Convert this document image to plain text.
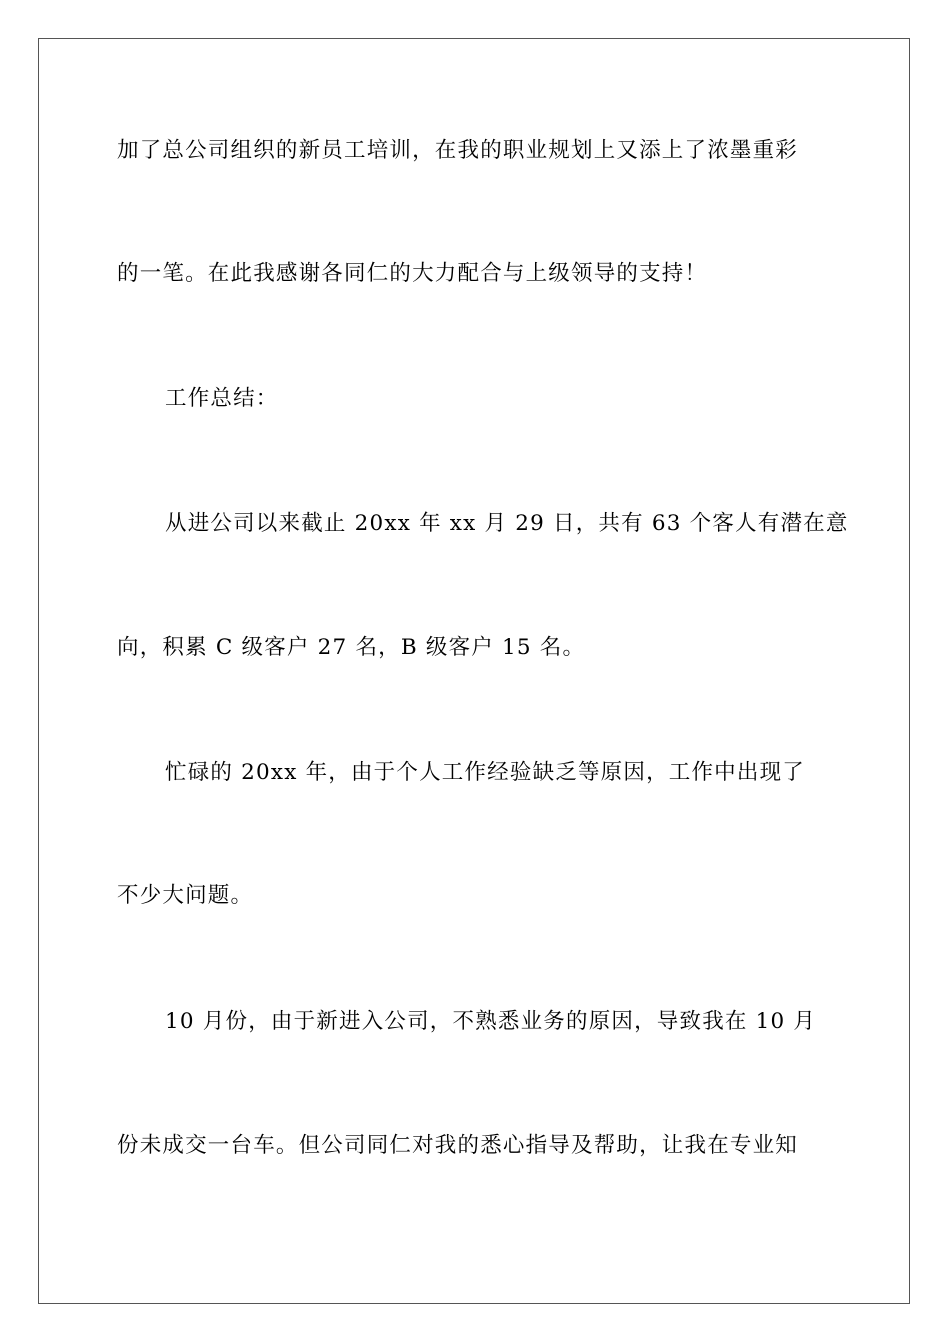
加了总公司组织的新员工培训，在我的职业规划上又添上了浓墨重彩
的一笔。在此我感谢各同仁的大力配合与上级领导的支持！
工作总结：
从进公司以来截止 20xx 年 xx 月 29 日，共有 63 个客人有潜在意
向，积累 C 级客户 27 名，B 级客户 15 名。
忙碌的 20xx 年，由于个人工作经验缺乏等原因，工作中出现了
不少大问题。
10 月份，由于新进入公司，不熟悉业务的原因，导致我在 10 月
份未成交一台车。但公司同仁对我的悉心指导及帮助，让我在专业知
